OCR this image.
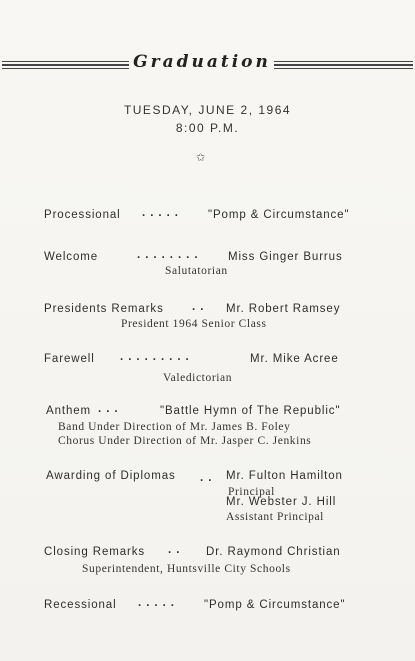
Graduation
TUESDAY, JUNE 2, 1964
8:00 P.M.
✩
Processional ..... "Pomp & Circumstance"
Welcome	........ Miss Ginger Burrus
Salutatorian
Presidents Remarks .. Mr. Robert Ramsey
President 1964 Senior Class
Farewell .........	Mr. Mike Acree
Valedictorian
Anthem ...	"Battle Hymn of The Republic"
Band Under Direction of Mr. James B. Foley
Chorus Under Direction of Mr. Jasper C. Jenkins
Awarding of Diplomas .. Mr. Fulton Hamilton
Principal
Mr. Webster J. Hill
Assistant Principal
Closing Remarks .. Dr. Raymond Christian
Superintendent, Huntsville City Schools
Recessional ..... "Pomp & Circumstance"
